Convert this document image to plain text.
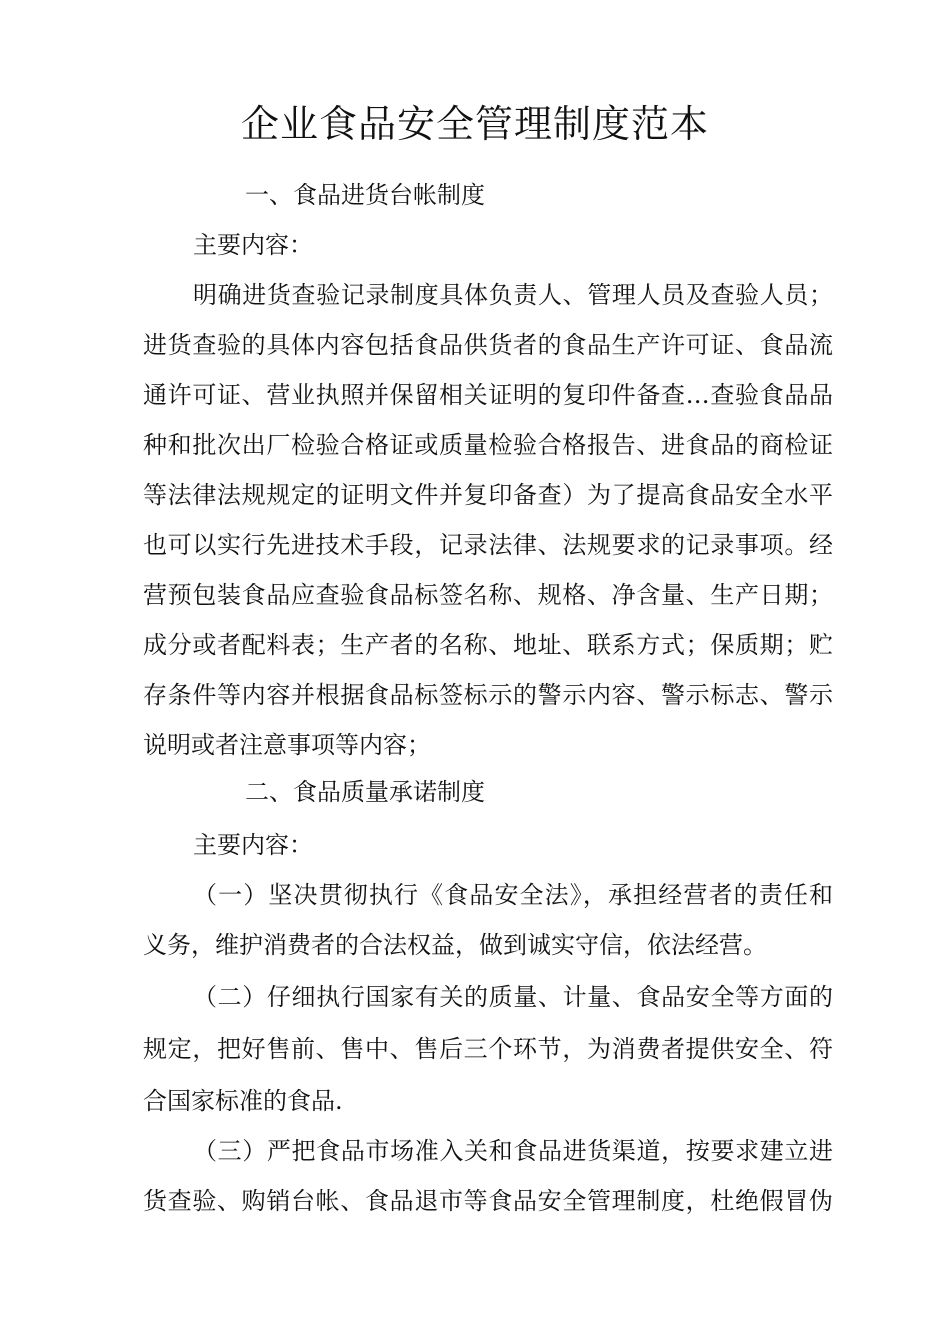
企业食品安全管理制度范本
一、食品进货台帐制度
主要内容：
明确进货查验记录制度具体负责人、管理人员及查验人员；
进货查验的具体内容包括食品供货者的食品生产许可证、食品流
通许可证、营业执照并保留相关证明的复印件备查…查验食品品
种和批次出厂检验合格证或质量检验合格报告、进食品的商检证
等法律法规规定的证明文件并复印备查）为了提高食品安全水平
也可以实行先进技术手段，记录法律、法规要求的记录事项。经
营预包装食品应查验食品标签名称、规格、净含量、生产日期；
成分或者配料表；生产者的名称、地址、联系方式；保质期；贮
存条件等内容并根据食品标签标示的警示内容、警示标志、警示
说明或者注意事项等内容；
二、食品质量承诺制度
主要内容：
（一）坚决贯彻执行《食品安全法》，承担经营者的责任和
义务，维护消费者的合法权益，做到诚实守信，依法经营。
（二）仔细执行国家有关的质量、计量、食品安全等方面的
规定，把好售前、售中、售后三个环节，为消费者提供安全、符
合国家标准的食品.
（三）严把食品市场准入关和食品进货渠道，按要求建立进
货查验、购销台帐、食品退市等食品安全管理制度，杜绝假冒伪
